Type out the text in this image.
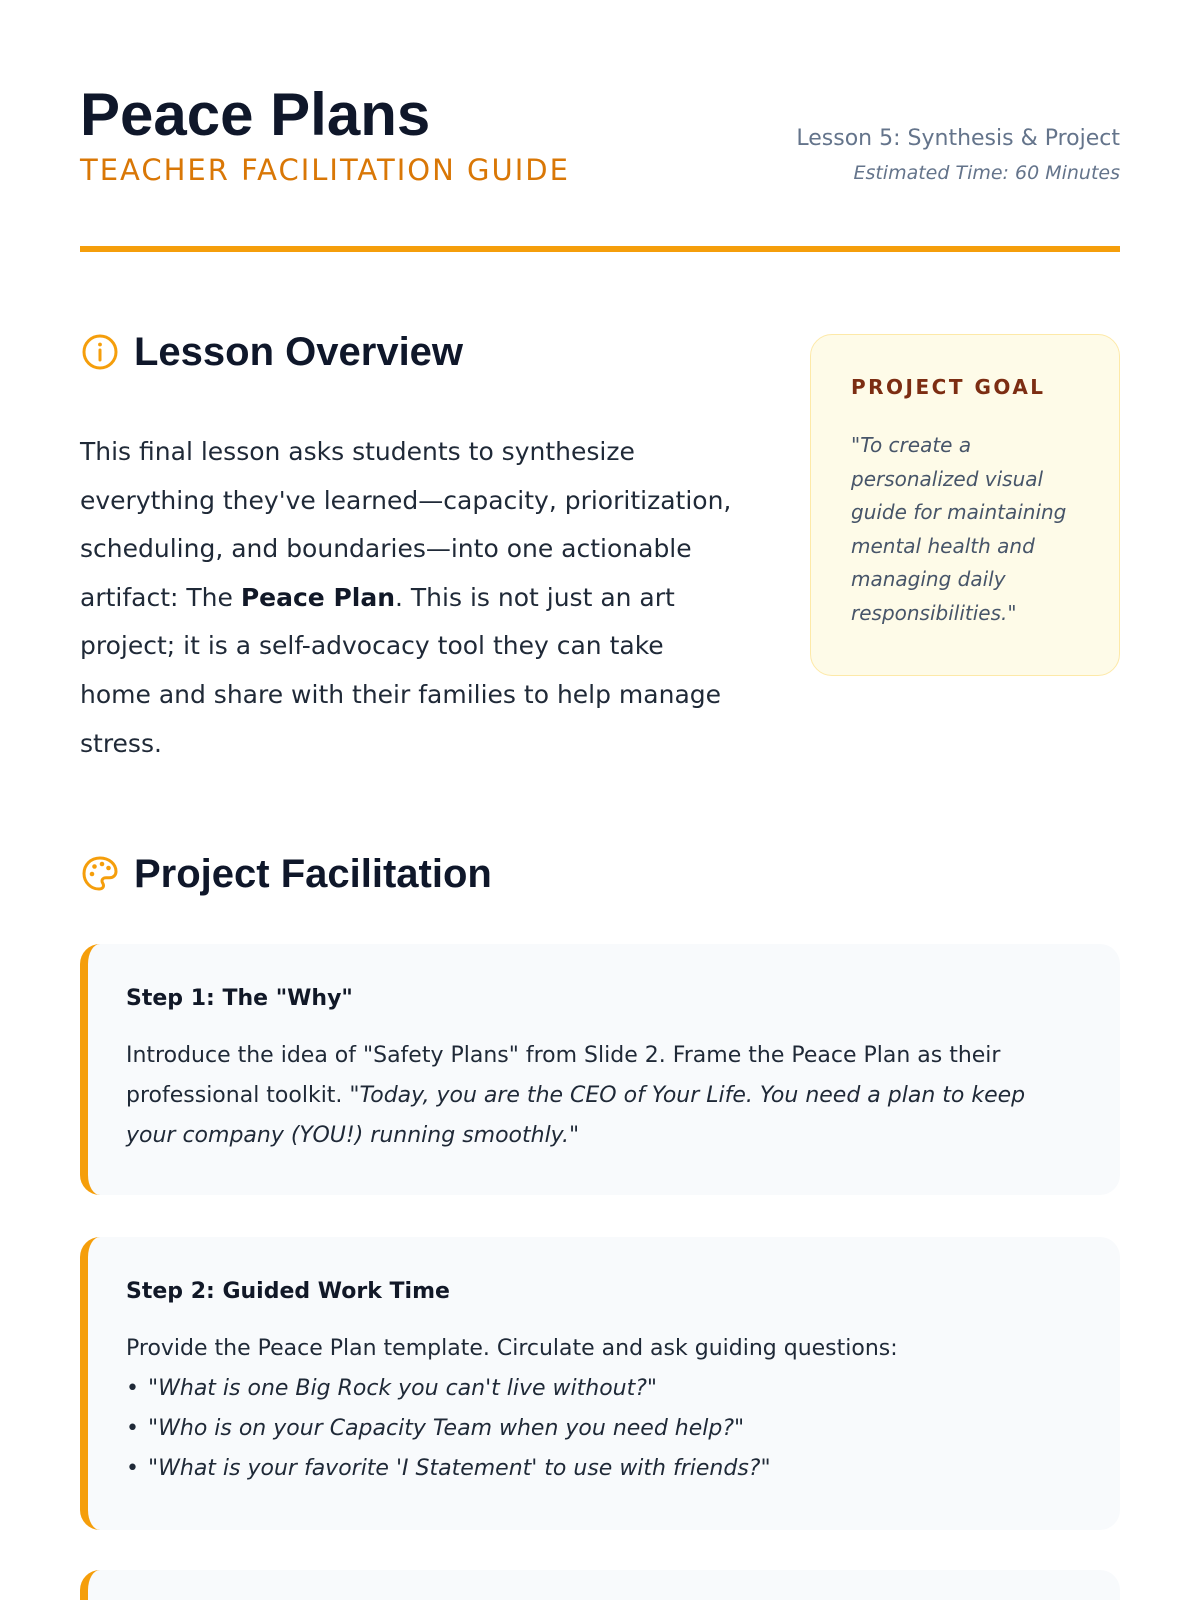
Peace Plans
TEACHER FACILITATION GUIDE
Lesson 5: Synthesis & Project
Estimated Time: 60 Minutes
Lesson Overview
This final lesson asks students to synthesize everything they've learned—capacity, prioritization, scheduling, and boundaries—into one actionable artifact: The Peace Plan. This is not just an art project; it is a self-advocacy tool they can take home and share with their families to help manage stress.
PROJECT GOAL
"To create a personalized visual guide for maintaining mental health and managing daily responsibilities."
Project Facilitation
Step 1: The "Why"
Introduce the idea of "Safety Plans" from Slide 2. Frame the Peace Plan as their professional toolkit. "Today, you are the CEO of Your Life. You need a plan to keep your company (YOU!) running smoothly."
Step 2: Guided Work Time
Provide the Peace Plan template. Circulate and ask guiding questions:
• "What is one Big Rock you can't live without?"
• "Who is on your Capacity Team when you need help?"
• "What is your favorite 'I Statement' to use with friends?"
